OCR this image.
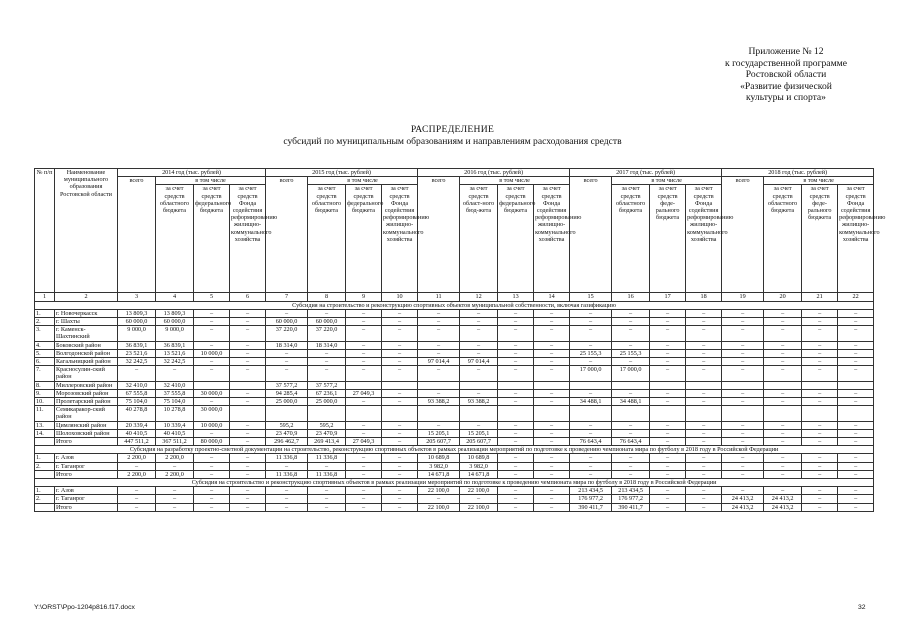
Приложение № 12
к государственной программе
Ростовской области
«Развитие физической
культуры и спорта»
РАСПРЕДЕЛЕНИЕ
субсидий по муниципальным образованиям и направлениям расходования средств
№ п/п	Наименование муниципального образования Ростовской области	2014 год (тыс. рублей)				2015 год (тыс. рублей)				2016 год (тыс. рублей)				2017 год (тыс. рублей)				2018 год (тыс. рублей)			
		всего	в том числе			всего	в том числе			всего	в том числе			всего	в том числе			всего	в том числе		
			за счет средств областного бюджета	за счет средств федерального бюджета	за счет средств Фонда содействия реформированию жилищно-коммунального хозяйства		за счет средств областного бюджета	за счет средств федерального бюджета	за счет средств Фонда содействия реформированию жилищно-коммунального хозяйства		за счет средств област-ного бюд-жета	за счет средств федерального бюджета	за счет средств Фонда содействия реформированию жилищно-коммунального хозяйства		за счет средств областного бюджета	за счет средств феде-рального бюджета	за счет средств Фонда содействия реформированию жилищно-коммунального хозяйства		за счет средств областного бюджета	за счет средств феде-рального бюджета	за счет средств Фонда содействия реформированию жилищно-коммунального хозяйства
1	2	3	4	5	6	7	8	9	10	11	12	13	14	15	16	17	18	19	20	21	22
Субсидия на строительство и реконструкцию спортивных объектов муниципальной собственности, включая газификацию																					
1.	г. Новочеркасск	13 809,3	13 809,3	–	–	–	–	–	–	–	–	–	–	–	–	–	–	–	–	–	–
2.	г. Шахты	60 000,0	60 000,0	–	–	60 000,0	60 000,0	–	–	–	–	–	–	–	–	–	–	–	–	–	–
3.	г. Каменск-Шахтинский	9 000,0	9 000,0	–	–	37 220,0	37 220,0	–	–	–	–	–	–	–	–	–	–	–	–	–	–
4.	Боковский район	36 839,1	36 839,1	–	–	18 314,0	18 314,0	–	–	–	–	–	–	–	–	–	–	–	–	–	–
5.	Волгодонской район	23 521,6	13 521,6	10 000,0	–	–	–	–	–	–	–	–	–	25 155,3	25 155,3	–	–	–	–	–	–
6.	Кагальницкий район	32 242,5	32 242,5	–	–	–	–	–	–	97 014,4	97 014,4	–	–	–	–	–	–	–	–	–	–
7.	Красносулин-ский район	–	–	–	–	–	–	–	–	–	–	–	–	17 000,0	17 000,0	–	–	–	–	–	–
8.	Миллеровский район	32 410,0	32 410,0			37 577,2	37 577,2														
9.	Морозовский район	67 555,8	37 555,8	30 000,0	–	94 285,4	67 236,1	27 049,3	–	–	–	–	–	–	–	–	–	–	–	–	–
10.	Пролетарский район	75 104,0	75 104,0	–	–	25 000,0	25 000,0	–	–	93 388,2	93 388,2	–	–	34 488,1	34 488,1	–	–	–	–	–	–
11.	Семикаракор-ский район	40 278,8	10 278,8	30 000,0																	
13.	Цимлянский район	20 339,4	10 339,4	10 000,0	–	595,2	595,2	–	–	–	–	–	–	–	–	–	–	–	–	–	–
14.	Шолоховский район	40 410,5	40 410,5	–	–	23 470,9	23 470,9	–	–	15 205,1	15 205,1	–	–	–	–	–	–	–	–	–	–
	Итого	447 511,2	367 511,2	80 000,0	–	296 462,7	269 413,4	27 049,3	–	205 607,7	205 607,7	–	–	76 643,4	76 643,4	–	–	–	–	–	–
Субсидия на разработку проектно-сметной документации на строительство, реконструкцию спортивных объектов в рамках реализации мероприятий по подготовке к проведению чемпионата мира по футболу в 2018 году в Российской Федерации																					
1.	г. Азов	2 200,0	2 200,0	–	–	11 336,8	11 336,8	–	–	10 689,8	10 689,8	–	–	–	–	–	–	–	–	–	–
2.	г. Таганрог	–	–	–	–	–	–	–	–	3 982,0	3 982,0	–	–	–	–	–	–	–	–	–	–
	Итого	2 200,0	2 200,0	–	–	11 336,8	11 336,8	–	–	14 671,8	14 671,8	–	–	–	–	–	–	–	–	–	–
Субсидия на строительство и реконструкцию спортивных объектов в рамках реализации мероприятий по подготовке к проведению чемпионата мира по футболу в 2018 году в Российской Федерации																					
1.	г. Азов	–	–	–	–	–	–	–	–	22 100,0	22 100,0	–	–	213 434,5	213 434,5	–	–	–	–	–	–
2.	г. Таганрог	–	–	–	–	–	–	–	–	–	–	–	–	176 977,2	176 977,2	–	–	24 413,2	24 413,2	–	–
	Итого	–	–	–	–	–	–	–	–	22 100,0	22 100,0	–	–	390 411,7	390 411,7	–	–	24 413,2	24 413,2	–	–
Y:\ORST\Ppo-1204p816.f17.docx	32
